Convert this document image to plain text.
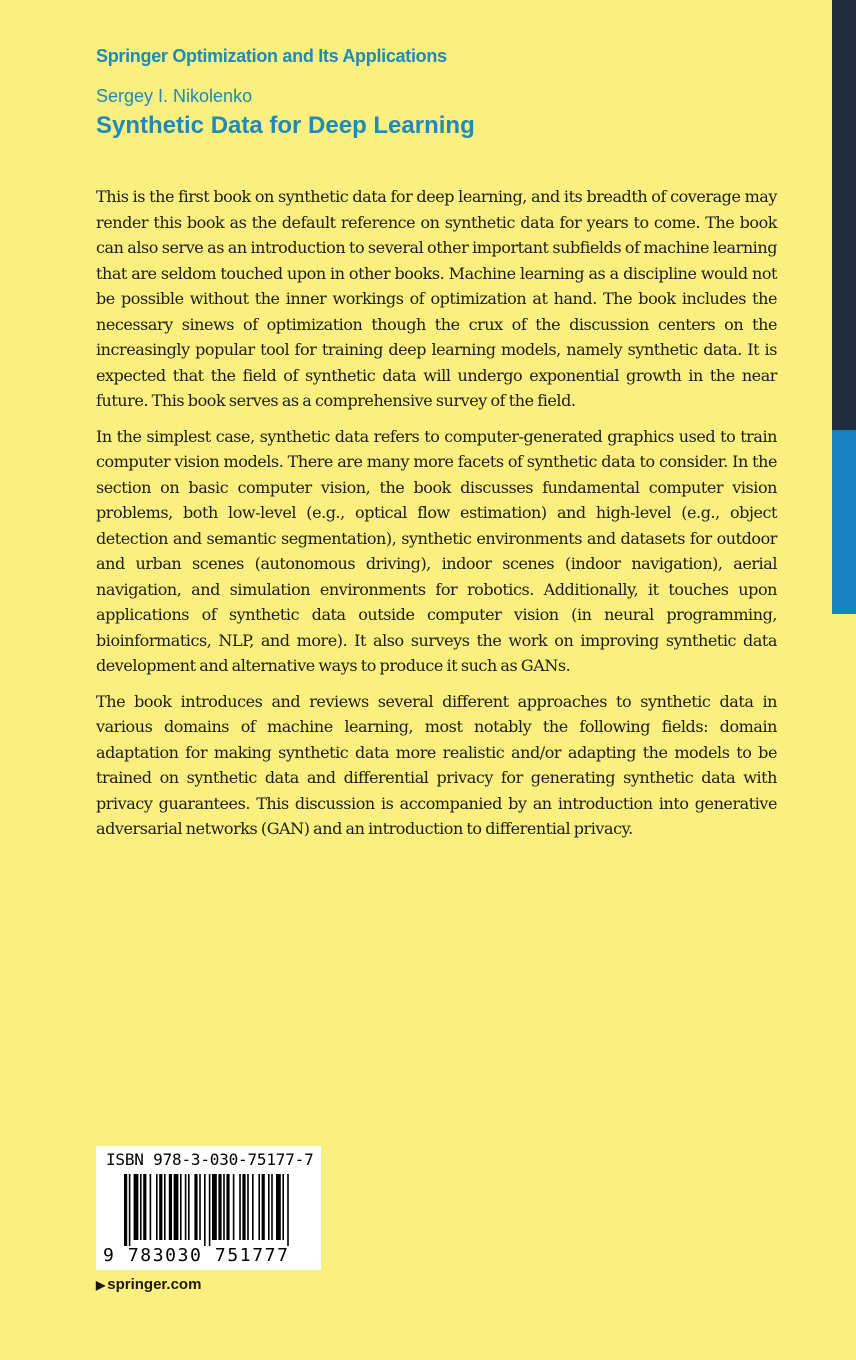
Springer Optimization and Its Applications
Sergey I. Nikolenko
Synthetic Data for Deep Learning

This is the first book on synthetic data for deep learning, and its breadth of coverage may render this book as the default reference on synthetic data for years to come. The book can also serve as an introduction to several other important subfields of machine learning that are seldom touched upon in other books. Machine learning as a discipline would not be possible without the inner workings of optimization at hand. The book includes the necessary sinews of optimization though the crux of the discussion centers on the increasingly popular tool for training deep learning models, namely synthetic data. It is expected that the field of synthetic data will undergo exponential growth in the near future. This book serves as a comprehensive survey of the field.

In the simplest case, synthetic data refers to computer-generated graphics used to train computer vision models. There are many more facets of synthetic data to consider. In the section on basic computer vision, the book discusses fundamental computer vision problems, both low-level (e.g., optical flow estimation) and high-level (e.g., object detection and semantic segmentation), synthetic environments and datasets for outdoor and urban scenes (autonomous driving), indoor scenes (indoor navigation), aerial navigation, and simulation environments for robotics. Additionally, it touches upon applications of synthetic data outside computer vision (in neural programming, bioinformatics, NLP, and more). It also surveys the work on improving synthetic data development and alternative ways to produce it such as GANs.

The book introduces and reviews several different approaches to synthetic data in various domains of machine learning, most notably the following fields: domain adaptation for making synthetic data more realistic and/or adapting the models to be trained on synthetic data and differential privacy for generating synthetic data with privacy guarantees. This discussion is accompanied by an introduction into generative adversarial networks (GAN) and an introduction to differential privacy.

ISBN 978-3-030-75177-7
9 783030 751777
▶ springer.com
